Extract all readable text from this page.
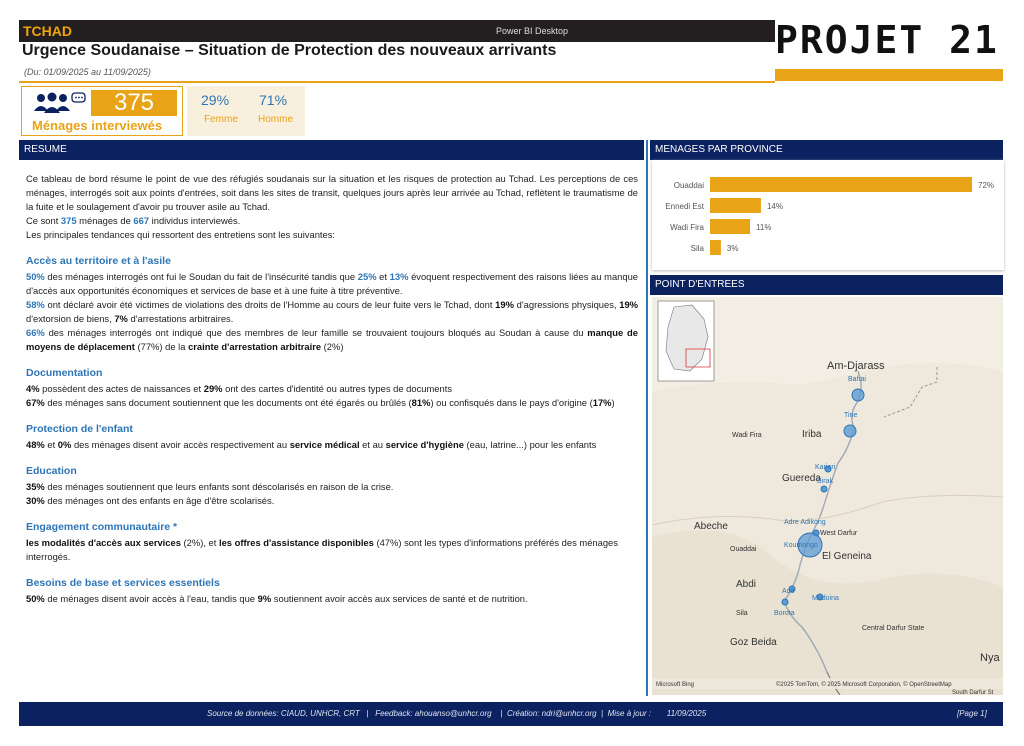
TCHAD	Power BI Desktop	PROJET 21
Urgence Soudanaise – Situation de Protection des nouveaux arrivants
(Du: 01/09/2025 au 11/09/2025)
375
Ménages interviewés
29%
Femme
71%
Homme
RESUME	MENAGES PAR PROVINCE
POINT D'ENTREES

Ce tableau de bord résume le point de vue des réfugiés soudanais sur la situation et les risques de protection au Tchad. Les perceptions de ces ménages, interrogés soit aux points d'entrées, soit dans les sites de transit, quelques jours après leur arrivée au Tchad, reflètent le traumatisme de la fuite et le soulagement d'avoir pu trouver asile au Tchad.

Ce sont 375 ménages de 667 individus interviewés.

Les principales tendances qui ressortent des entretiens sont les suivantes:

Accès au territoire et à l'asile

50% des ménages interrogés ont fui le Soudan du fait de l'insécurité tandis que 25% et 13% évoquent respectivement des raisons liées au manque d'accès aux opportunités économiques et services de base et à une fuite à titre préventive.

58% ont déclaré avoir été victimes de violations des droits de l'Homme au cours de leur fuite vers le Tchad, dont 19% d'agressions physiques, 19% d'extorsion de biens, 7% d'arrestations arbitraires.

66% des ménages interrogés ont indiqué que des membres de leur famille se trouvaient toujours bloqués au Soudan à cause du manque de moyens de déplacement (77%) de la crainte d'arrestation arbitraire (2%)

Documentation

4% possèdent des actes de naissances et 29% ont des cartes d'identité ou autres types de documents

67% des ménages sans document soutiennent que les documents ont été égarés ou brûlés (81%) ou confisqués dans le pays d'origine (17%)

Protection de l'enfant

48% et 0% des ménages disent avoir accès respectivement au service médical et au service d'hygiène (eau, latrine...) pour les enfants

Education

35% des ménages soutiennent que leurs enfants sont déscolarisés en raison de la crise.

30% des ménages ont des enfants en âge d'être scolarisés.

Engagement communautaire *

les modalités d'accès aux services (2%), et les offres d'assistance disponibles (47%) sont les types d'informations préférés des ménages interrogés.

Besoins de base et services essentiels

50% de ménages disent avoir accès à l'eau, tandis que 9% soutiennent avoir accès aux services de santé et de nutrition.

Ouaddai	72%
Ennedi Est	14%
Wadi Fira	11%
Sila	3%
Am-Djarass
Bahai
Tine
Wadi Fira	Iriba
Kariari
Guereda
Birak
Adre Adikong
Abeche
West Darfur
Koumongo
Ouaddai
El Geneina
Abdi
Adé
Sila	Borota
Modoina
Goz Beida
Central Darfur State
Nya
South Darfur St
Microsoft Bing	©2025 TomTom, © 2025 Microsoft Corporation, © OpenStreetMap
Source de données: CIAUD, UNHCR, CRT   |   Feedback: ahouanso@unhcr.org    |  Création: ndri@unhcr.org  |  Mise à jour :       11/09/2025	[Page 1]
